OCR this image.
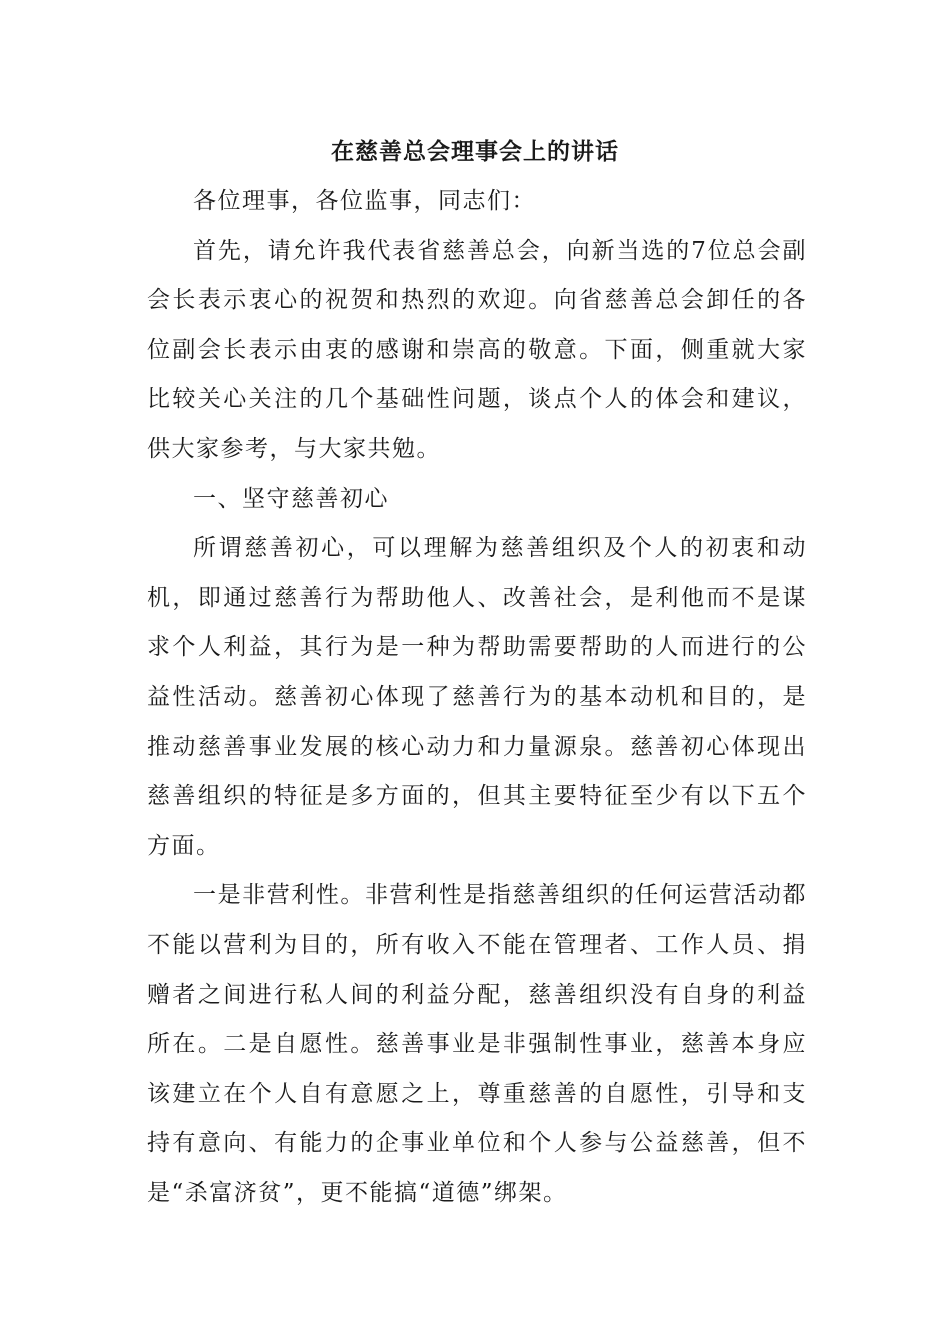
在慈善总会理事会上的讲话

各位理事，各位监事，同志们：

首先，请允许我代表省慈善总会，向新当选的7位总会副会长表示衷心的祝贺和热烈的欢迎。向省慈善总会卸任的各位副会长表示由衷的感谢和崇高的敬意。下面，侧重就大家比较关心关注的几个基础性问题，谈点个人的体会和建议，供大家参考，与大家共勉。

一、坚守慈善初心

所谓慈善初心，可以理解为慈善组织及个人的初衷和动机，即通过慈善行为帮助他人、改善社会，是利他而不是谋求个人利益，其行为是一种为帮助需要帮助的人而进行的公益性活动。慈善初心体现了慈善行为的基本动机和目的，是推动慈善事业发展的核心动力和力量源泉。慈善初心体现出慈善组织的特征是多方面的，但其主要特征至少有以下五个方面。

一是非营利性。非营利性是指慈善组织的任何运营活动都不能以营利为目的，所有收入不能在管理者、工作人员、捐赠者之间进行私人间的利益分配，慈善组织没有自身的利益所在。二是自愿性。慈善事业是非强制性事业，慈善本身应该建立在个人自有意愿之上，尊重慈善的自愿性，引导和支持有意向、有能力的企事业单位和个人参与公益慈善，但不是“杀富济贫”，更不能搞“道德”绑架。
